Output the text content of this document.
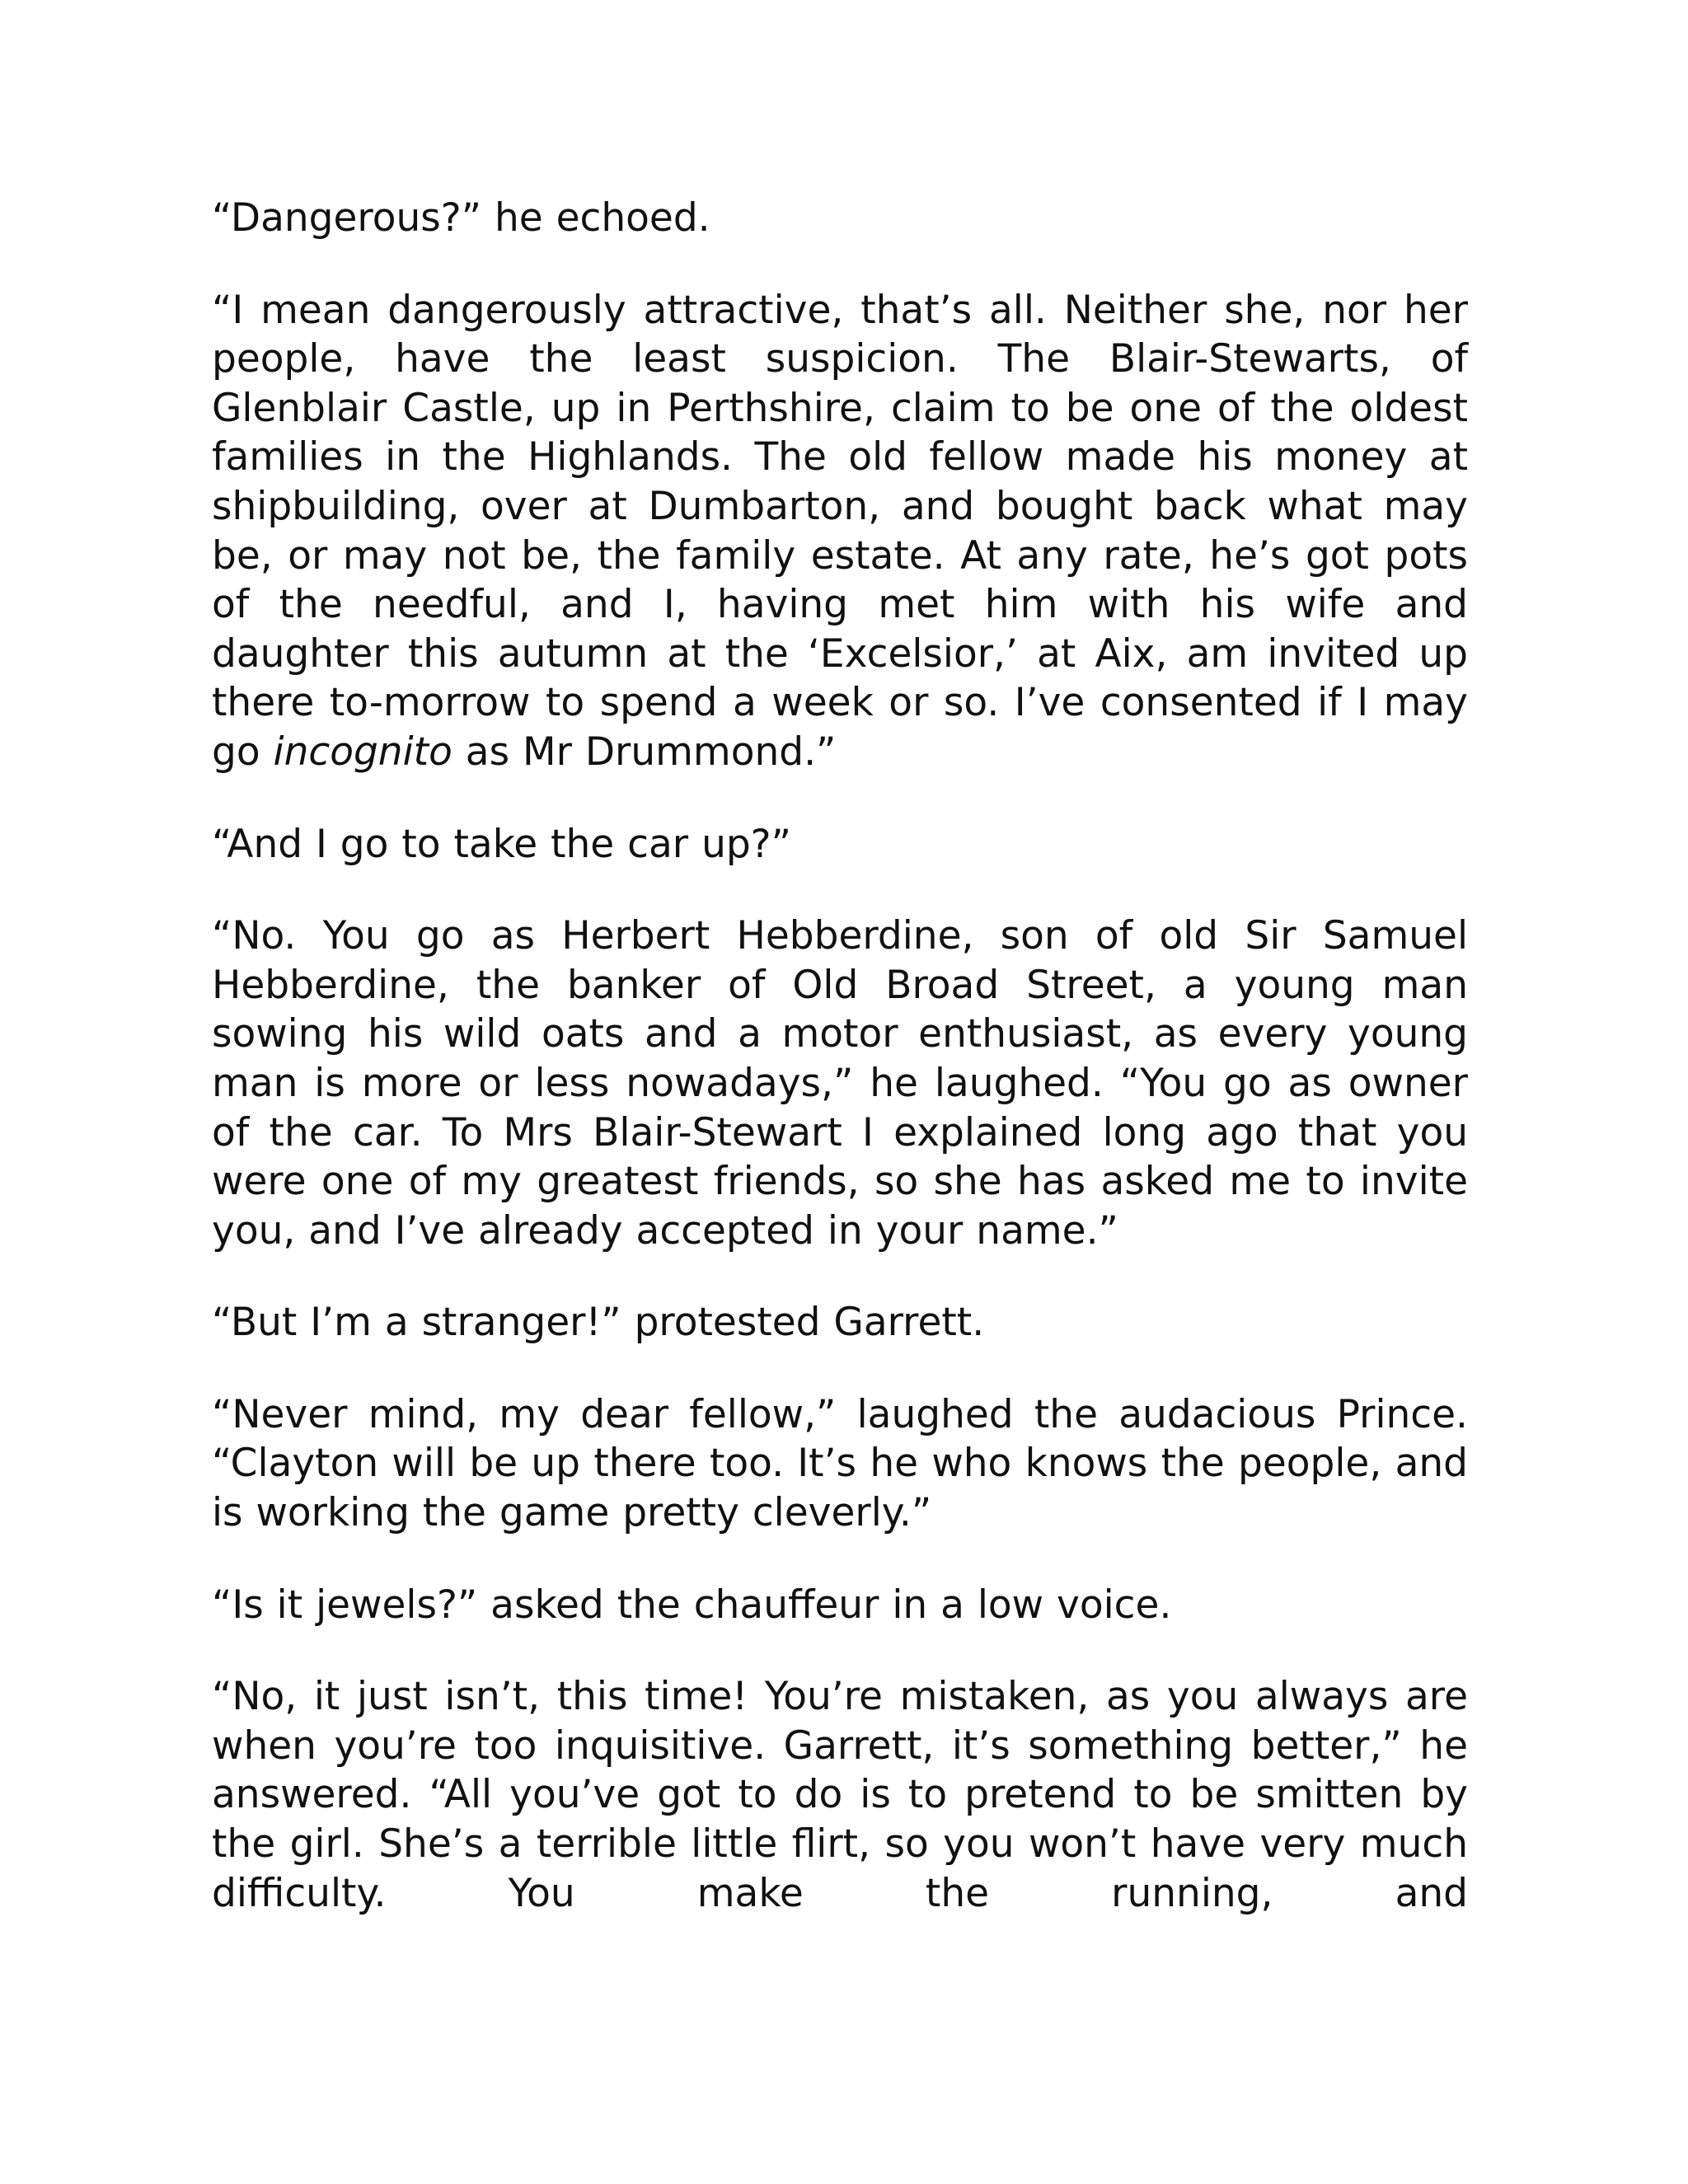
“Dangerous?” he echoed.

“I mean dangerously attractive, that’s all. Neither she, nor her people, have the least suspicion. The Blair-Stewarts, of Glenblair Castle, up in Perthshire, claim to be one of the oldest families in the Highlands. The old fellow made his money at shipbuilding, over at Dumbarton, and bought back what may be, or may not be, the family estate. At any rate, he’s got pots of the needful, and I, having met him with his wife and daughter this autumn at the ‘Excelsior,’ at Aix, am invited up there to-morrow to spend a week or so. I’ve consented if I may go incognito as Mr Drummond.”

“And I go to take the car up?”

“No. You go as Herbert Hebberdine, son of old Sir Samuel Hebberdine, the banker of Old Broad Street, a young man sowing his wild oats and a motor enthusiast, as every young man is more or less nowadays,” he laughed. “You go as owner of the car. To Mrs Blair-Stewart I explained long ago that you were one of my greatest friends, so she has asked me to invite you, and I’ve already accepted in your name.”

“But I’m a stranger!” protested Garrett.

“Never mind, my dear fellow,” laughed the audacious Prince. “Clayton will be up there too. It’s he who knows the people, and is working the game pretty cleverly.”

“Is it jewels?” asked the chauffeur in a low voice.

“No, it just isn’t, this time! You’re mistaken, as you always are when you’re too inquisitive. Garrett, it’s something better,” he answered. “All you’ve got to do is to pretend to be smitten by the girl. She’s a terrible little flirt, so you won’t have very much difficulty. You make the running, and
